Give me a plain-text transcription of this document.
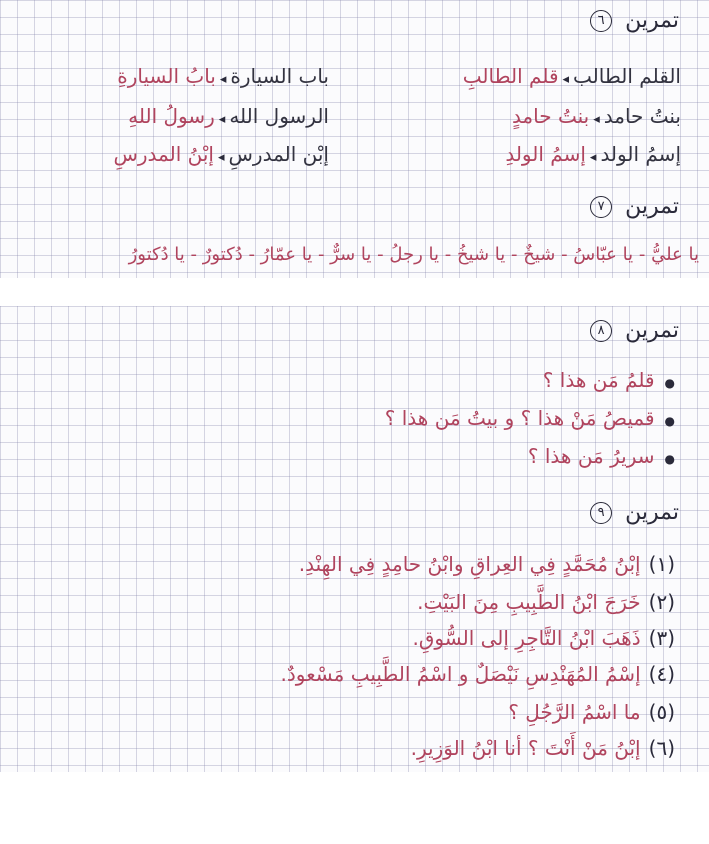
تمرين ٦
القلم الطالب◂قلم الطالبِ
باب السيارة◂بابُ السيارةِ
بنتُ حامد◂بنتُ حامدٍ
الرسول الله◂رسولُ اللهِ
إسمُ الولد◂إسمُ الولدِ
إبْن المدرسِ◂إبْنُ المدرسِ
تمرين ٧
يا عليُّ - يا عبّاسُ - شيخٌ - يا شيخُ - يا رجلُ - يا سرٌّ - يا عمّارُ - دُكتورٌ - يا دُكتورُ
تمرين ٨
●قلمُ مَن هذا ؟
●قميصُ مَنْ هذا ؟ و بيتُ مَن هذا ؟
●سريرُ مَن هذا ؟
تمرين ٩
(١)إبْنُ مُحَمَّدٍ فِي العِراقِ وابْنُ حامِدٍ فِي الهِنْدِ.
(٢)خَرَجَ ابْنُ الطَّبِيبِ مِنَ البَيْتِ.
(٣)ذَهَبَ ابْنُ التَّاجِرِ إلى السُّوقِ.
(٤)إسْمُ المُهَنْدِسِ نَيْصَلٌ و اسْمُ الطَّبِيبِ مَسْعودٌ.
(٥)ما اسْمُ الرَّجُلِ ؟
(٦)إبْنُ مَنْ أَنْتَ ؟ أنا ابْنُ الوَزِيرِ.
